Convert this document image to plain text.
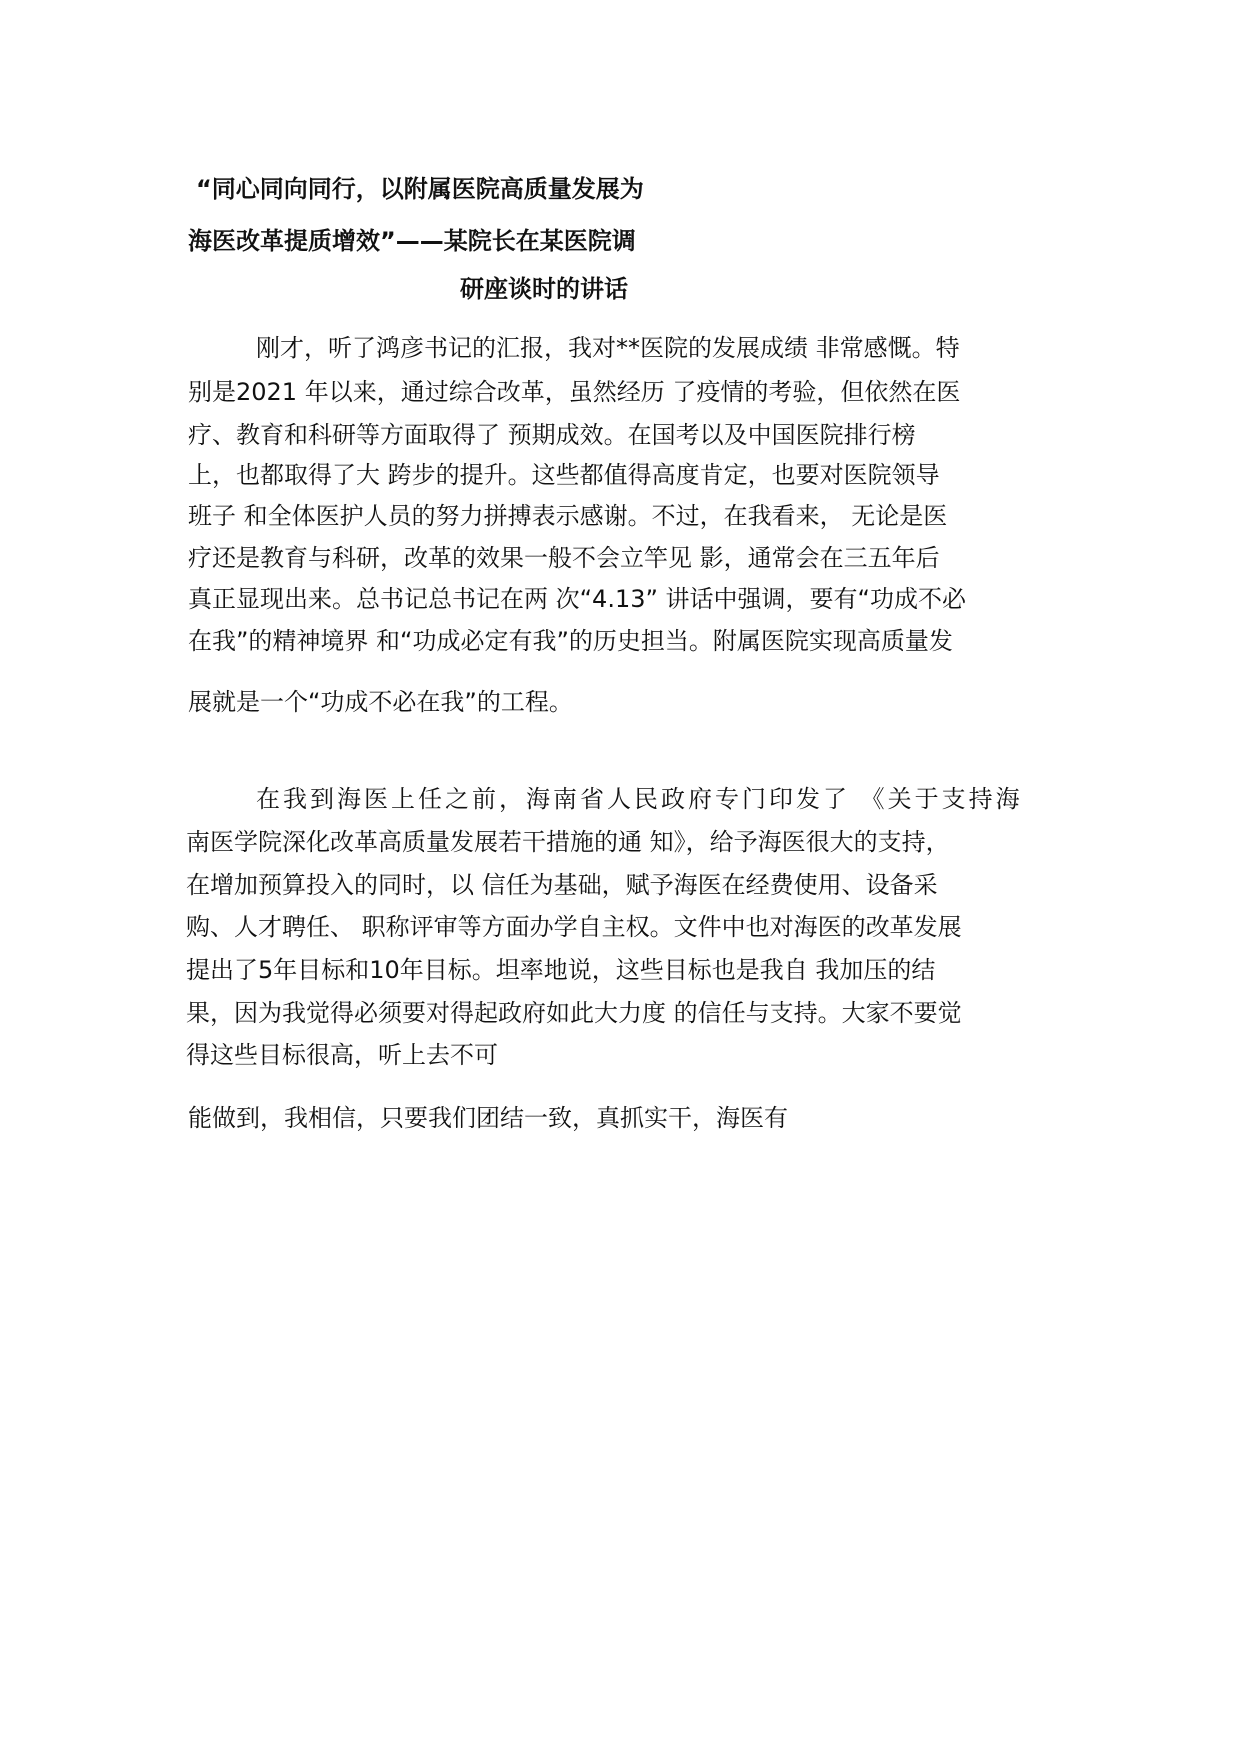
“同心同向同行，以附属医院高质量发展为
海医改革提质增效”——某院长在某医院调
研座谈时的讲话
刚才，听了鸿彦书记的汇报，我对**医院的发展成绩 非常感慨。特
别是2021 年以来，通过综合改革，虽然经历 了疫情的考验，但依然在医
疗、教育和科研等方面取得了 预期成效。在国考以及中国医院排行榜
上，也都取得了大 跨步的提升。这些都值得高度肯定，也要对医院领导
班子 和全体医护人员的努力拼搏表示感谢。不过，在我看来， 无论是医
疗还是教育与科研，改革的效果一般不会立竿见 影，通常会在三五年后
真正显现出来。总书记总书记在两 次“4.13” 讲话中强调，要有“功成不必
在我”的精神境界 和“功成必定有我”的历史担当。附属医院实现高质量发
展就是一个“功成不必在我”的工程。
在我到海医上任之前，海南省人民政府专门印发了 《关于支持海
南医学院深化改革高质量发展若干措施的通 知》，给予海医很大的支持，
在增加预算投入的同时，以 信任为基础，赋予海医在经费使用、设备采
购、人才聘任、 职称评审等方面办学自主权。文件中也对海医的改革发展
提出了5年目标和10年目标。坦率地说，这些目标也是我自 我加压的结
果，因为我觉得必须要对得起政府如此大力度 的信任与支持。大家不要觉
得这些目标很高，听上去不可
能做到，我相信，只要我们团结一致，真抓实干，海医有
